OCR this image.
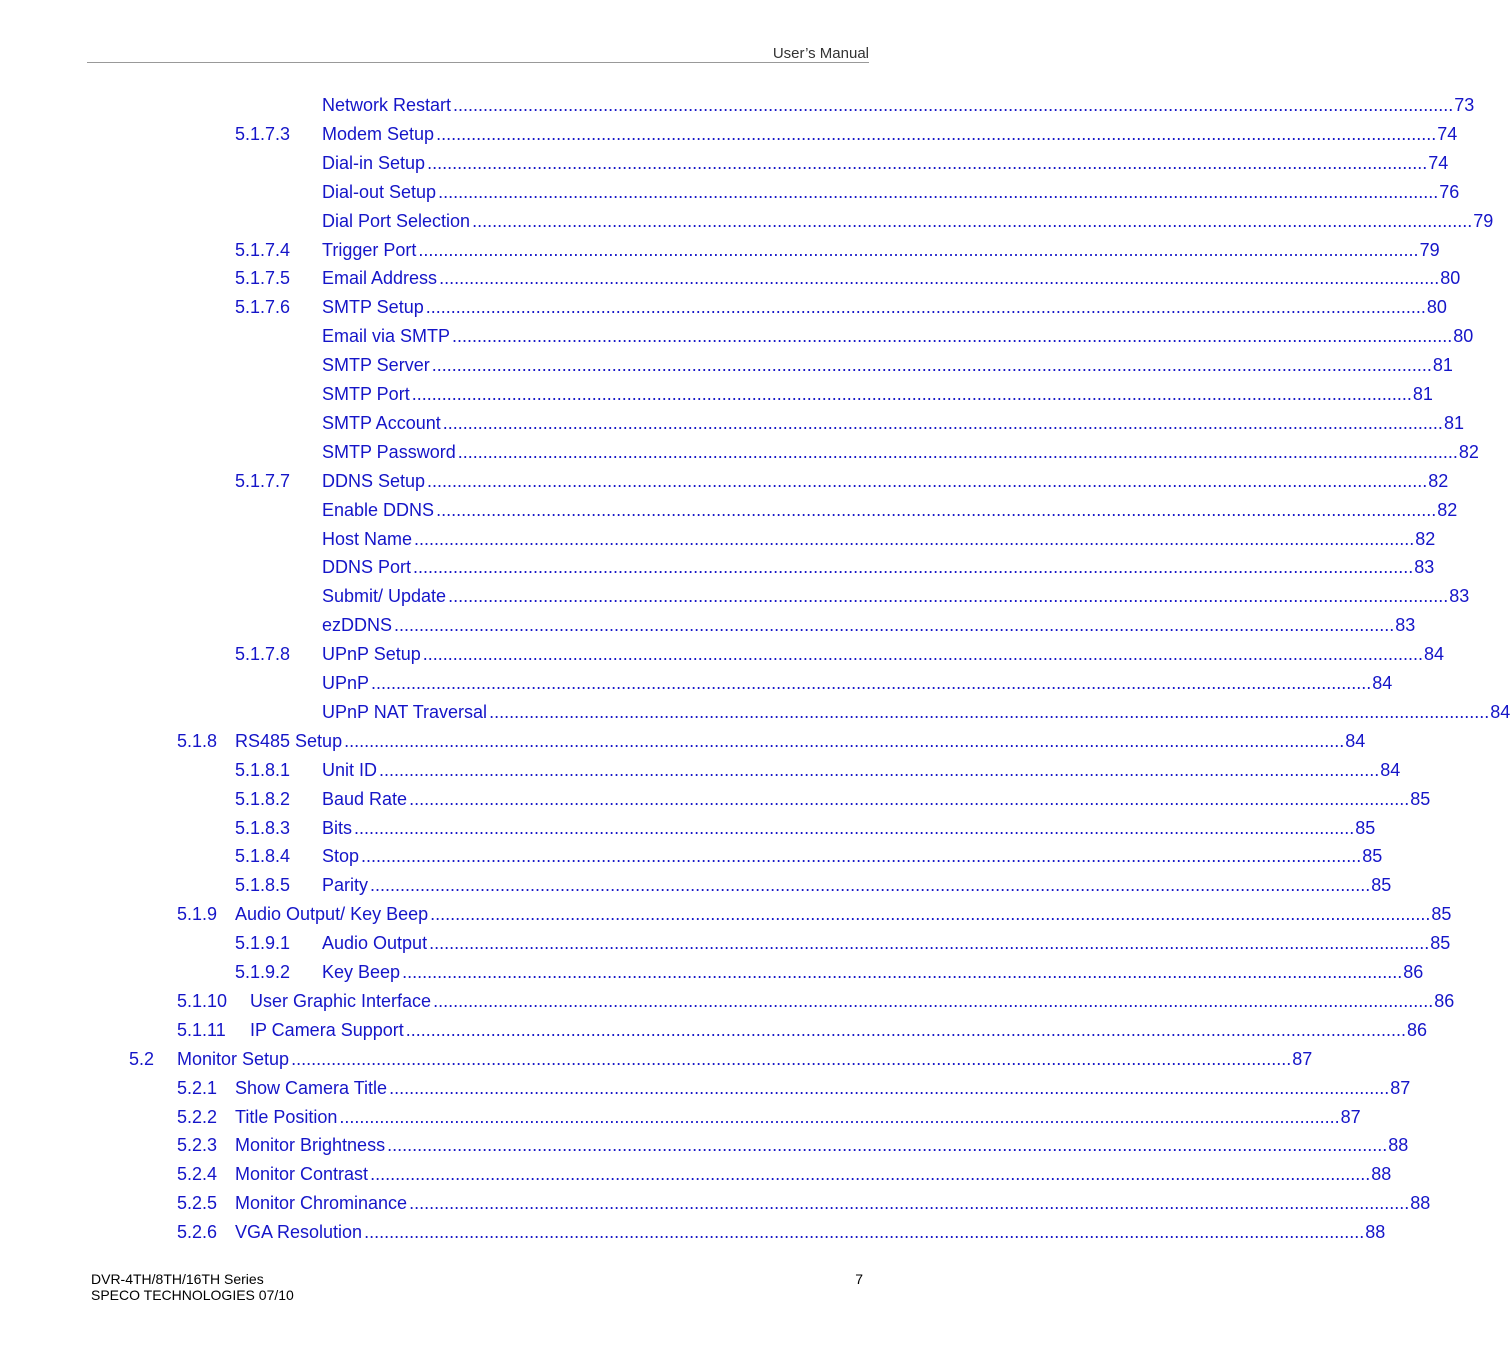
User’s Manual
Network Restart ........................................................................................................................................................................................................ 73
5.1.7.3 Modem Setup ........................................................................................................................................................................................................ 74
Dial-in Setup ........................................................................................................................................................................................................ 74
Dial-out Setup ........................................................................................................................................................................................................ 76
Dial Port Selection ........................................................................................................................................................................................................ 79
5.1.7.4 Trigger Port ........................................................................................................................................................................................................ 79
5.1.7.5 Email Address ........................................................................................................................................................................................................ 80
5.1.7.6 SMTP Setup ........................................................................................................................................................................................................ 80
Email via SMTP ........................................................................................................................................................................................................ 80
SMTP Server ........................................................................................................................................................................................................ 81
SMTP Port ........................................................................................................................................................................................................ 81
SMTP Account ........................................................................................................................................................................................................ 81
SMTP Password ........................................................................................................................................................................................................ 82
5.1.7.7 DDNS Setup ........................................................................................................................................................................................................ 82
Enable DDNS ........................................................................................................................................................................................................ 82
Host Name ........................................................................................................................................................................................................ 82
DDNS Port ........................................................................................................................................................................................................ 83
Submit/ Update ........................................................................................................................................................................................................ 83
ezDDNS ........................................................................................................................................................................................................ 83
5.1.7.8 UPnP Setup ........................................................................................................................................................................................................ 84
UPnP ........................................................................................................................................................................................................ 84
UPnP NAT Traversal ........................................................................................................................................................................................................ 84
5.1.8 RS485 Setup ........................................................................................................................................................................................................ 84
5.1.8.1 Unit ID ........................................................................................................................................................................................................ 84
5.1.8.2 Baud Rate ........................................................................................................................................................................................................ 85
5.1.8.3 Bits ........................................................................................................................................................................................................ 85
5.1.8.4 Stop ........................................................................................................................................................................................................ 85
5.1.8.5 Parity ........................................................................................................................................................................................................ 85
5.1.9 Audio Output/ Key Beep ........................................................................................................................................................................................................ 85
5.1.9.1 Audio Output ........................................................................................................................................................................................................ 85
5.1.9.2 Key Beep ........................................................................................................................................................................................................ 86
5.1.10 User Graphic Interface ........................................................................................................................................................................................................ 86
5.1.11 IP Camera Support ........................................................................................................................................................................................................ 86
5.2 Monitor Setup ........................................................................................................................................................................................................ 87
5.2.1 Show Camera Title ........................................................................................................................................................................................................ 87
5.2.2 Title Position ........................................................................................................................................................................................................ 87
5.2.3 Monitor Brightness ........................................................................................................................................................................................................ 88
5.2.4 Monitor Contrast ........................................................................................................................................................................................................ 88
5.2.5 Monitor Chrominance ........................................................................................................................................................................................................ 88
5.2.6 VGA Resolution ........................................................................................................................................................................................................ 88
DVR-4TH/8TH/16TH Series
SPECO TECHNOLOGIES 07/10
7
